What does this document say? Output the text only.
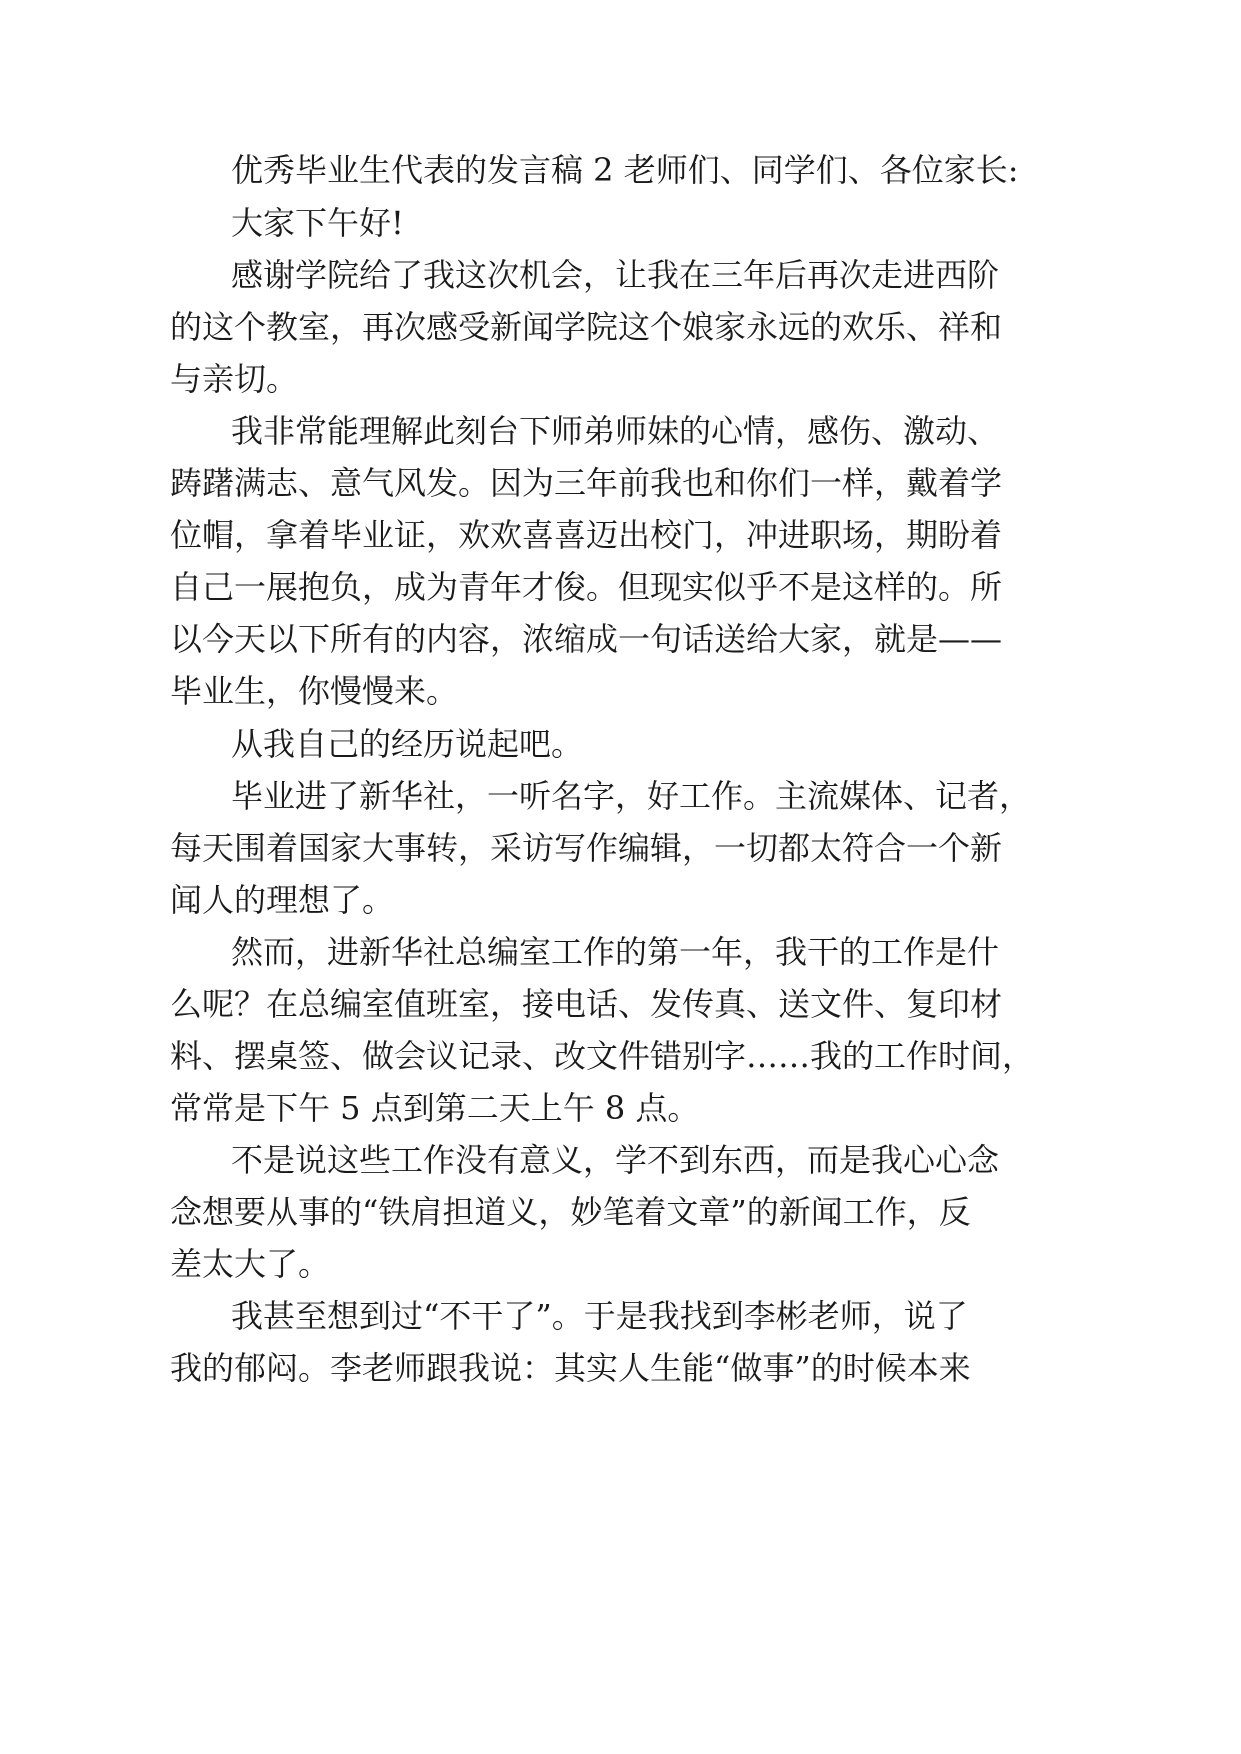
优秀毕业生代表的发言稿 2 老师们、同学们、各位家长:
大家下午好!
感谢学院给了我这次机会，让我在三年后再次走进西阶
的这个教室，再次感受新闻学院这个娘家永远的欢乐、祥和
与亲切。
我非常能理解此刻台下师弟师妹的心情，感伤、激动、
踌躇满志、意气风发。因为三年前我也和你们一样，戴着学
位帽，拿着毕业证，欢欢喜喜迈出校门，冲进职场，期盼着
自己一展抱负，成为青年才俊。但现实似乎不是这样的。所
以今天以下所有的内容，浓缩成一句话送给大家，就是——
毕业生，你慢慢来。
从我自己的经历说起吧。
毕业进了新华社，一听名字，好工作。主流媒体、记者，
每天围着国家大事转，采访写作编辑，一切都太符合一个新
闻人的理想了。
然而，进新华社总编室工作的第一年，我干的工作是什
么呢？在总编室值班室，接电话、发传真、送文件、复印材
料、摆桌签、做会议记录、改文件错别字……我的工作时间，
常常是下午 5 点到第二天上午 8 点。
不是说这些工作没有意义，学不到东西，而是我心心念
念想要从事的“铁肩担道义，妙笔着文章”的新闻工作，反
差太大了。
我甚至想到过“不干了”。于是我找到李彬老师，说了
我的郁闷。李老师跟我说：其实人生能“做事”的时候本来
